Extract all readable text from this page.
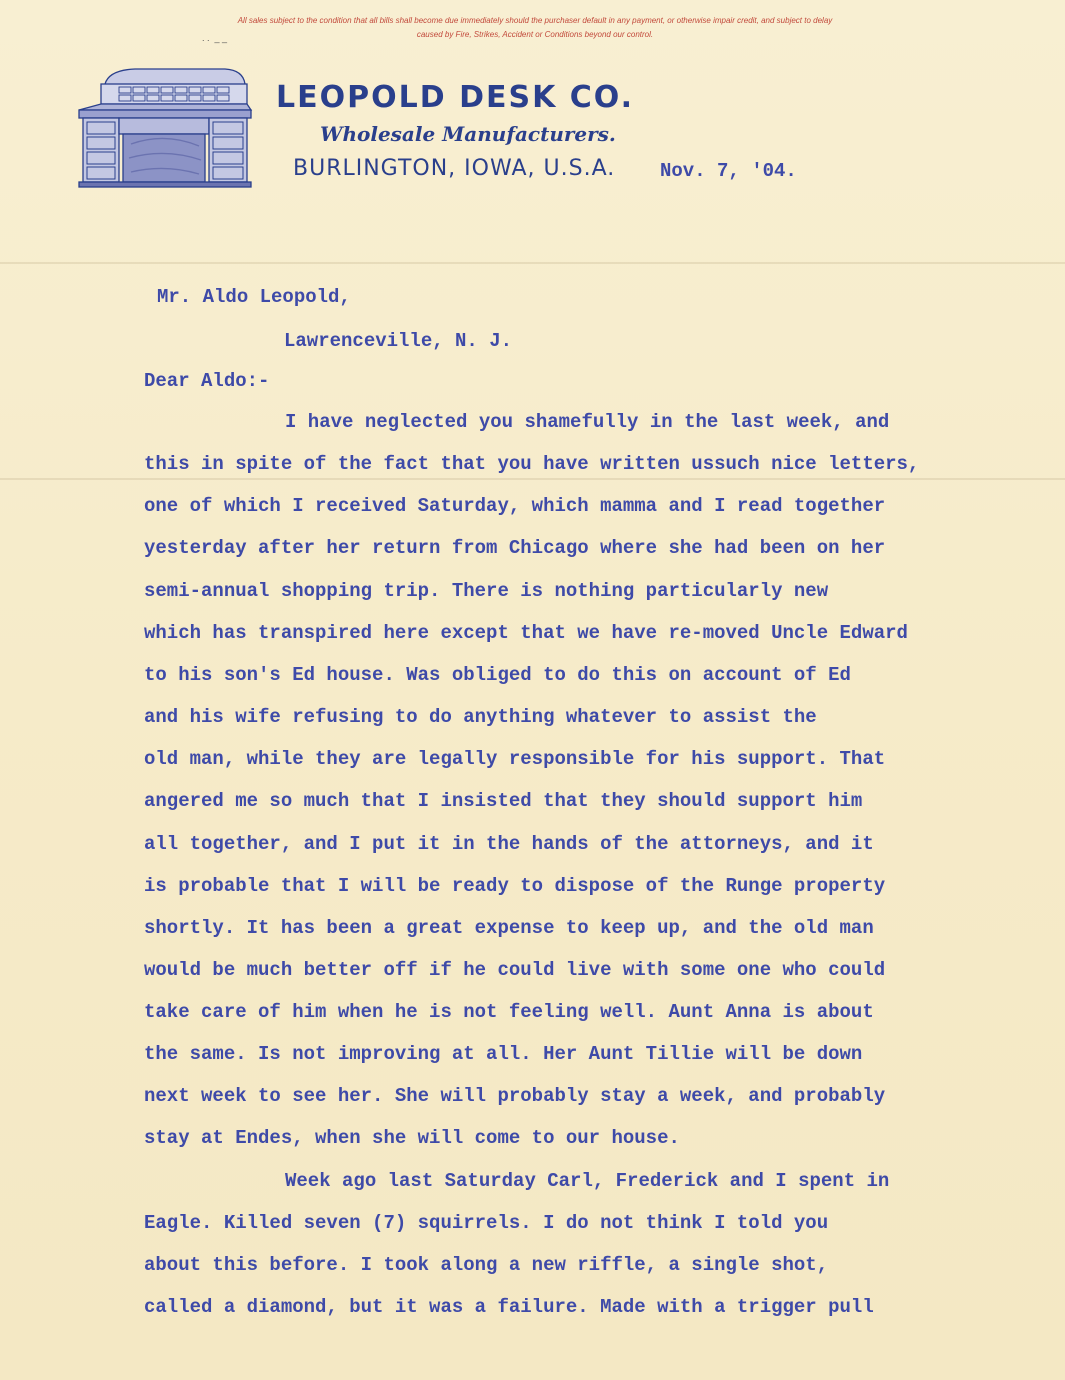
All sales subject to the condition that all bills shall become due immediately should the purchaser default in any payment, or otherwise impair credit, and subject to delay
caused by Fire, Strikes, Accident or Conditions beyond our control.
. .  _ _
LEOPOLD DESK CO.
Wholesale Manufacturers.
BURLINGTON, IOWA, U.S.A. Nov. 7, '04.
Mr. Aldo Leopold,
Lawrenceville, N. J.
Dear Aldo:-
I have neglected you shamefully in the last week, and
this in spite of the fact that you have written ussuch nice letters,
one of which I received Saturday, which mamma and I read together
yesterday after her return from Chicago where she had been on her
semi-annual shopping trip. There is nothing particularly new
which has transpired here except that we have re-moved Uncle Edward
to his son's Ed house. Was obliged to do this on account of Ed
and his wife refusing to do anything whatever to assist the
old man, while they are legally responsible for his support. That
angered me so much that I insisted that they should support him
all together, and I put it in the hands of the attorneys, and it
is probable that I will be ready to dispose of the Runge property
shortly. It has been a great expense to keep up, and the old man
would be much better off if he could live with some one who could
take care of him when he is not feeling well. Aunt Anna is about
the same. Is not improving at all. Her Aunt Tillie will be down
next week to see her. She will probably stay a week, and probably
stay at Endes, when she will come to our house.
Week ago last Saturday Carl, Frederick and I spent in
Eagle. Killed seven (7) squirrels. I do not think I told you
about this before. I took along a new riffle, a single shot,
called a diamond, but it was a failure. Made with a trigger pull
